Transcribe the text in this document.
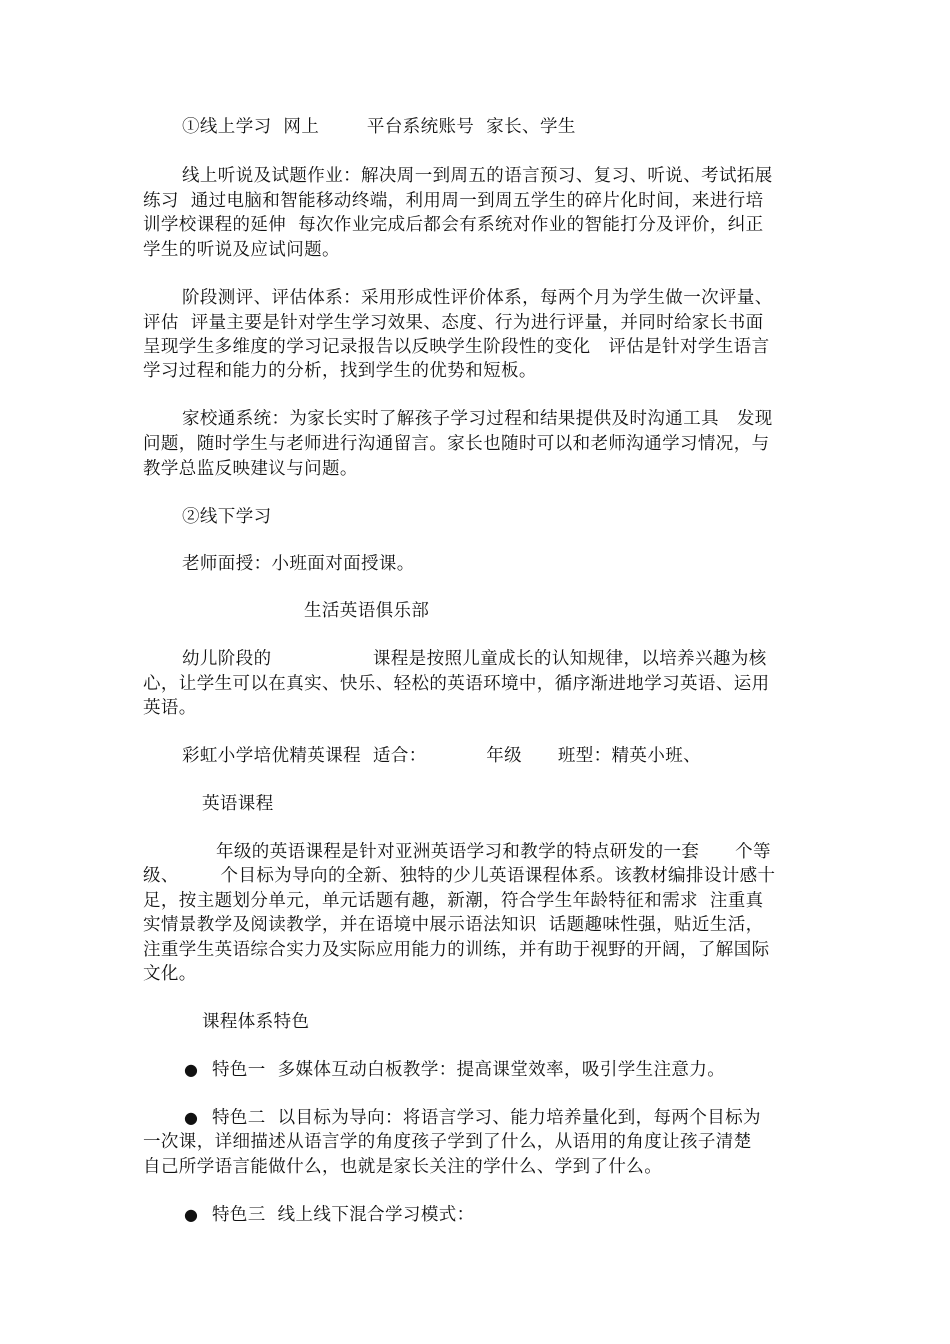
①线上学习  网上        平台系统账号  家长、学生
线上听说及试题作业：解决周一到周五的语言预习、复习、听说、考试拓展
练习  通过电脑和智能移动终端，利用周一到周五学生的碎片化时间，来进行培
训学校课程的延伸  每次作业完成后都会有系统对作业的智能打分及评价，纠正
学生的听说及应试问题。
阶段测评、评估体系：采用形成性评价体系，每两个月为学生做一次评量、
评估  评量主要是针对学生学习效果、态度、行为进行评量，并同时给家长书面
呈现学生多维度的学习记录报告以反映学生阶段性的变化   评估是针对学生语言
学习过程和能力的分析，找到学生的优势和短板。
家校通系统：为家长实时了解孩子学习过程和结果提供及时沟通工具   发现
问题，随时学生与老师进行沟通留言。家长也随时可以和老师沟通学习情况，与
教学总监反映建议与问题。
②线下学习
老师面授：小班面对面授课。
生活英语俱乐部
幼儿阶段的                 课程是按照儿童成长的认知规律，以培养兴趣为核
心，让学生可以在真实、快乐、轻松的英语环境中，循序渐进地学习英语、运用
英语。
彩虹小学培优精英课程  适合：          年级      班型：精英小班、
英语课程
年级的英语课程是针对亚洲英语学习和教学的特点研发的一套      个等
级、       个目标为导向的全新、独特的少儿英语课程体系。该教材编排设计感十
足，按主题划分单元，单元话题有趣，新潮，符合学生年龄特征和需求  注重真
实情景教学及阅读教学，并在语境中展示语法知识  话题趣味性强，贴近生活，
注重学生英语综合实力及实际应用能力的训练，并有助于视野的开阔，了解国际
文化。
课程体系特色
● 特色一  多媒体互动白板教学：提高课堂效率，吸引学生注意力。
● 特色二  以目标为导向：将语言学习、能力培养量化到，每两个目标为
一次课，详细描述从语言学的角度孩子学到了什么，从语用的角度让孩子清楚
自己所学语言能做什么，也就是家长关注的学什么、学到了什么。
● 特色三  线上线下混合学习模式：
